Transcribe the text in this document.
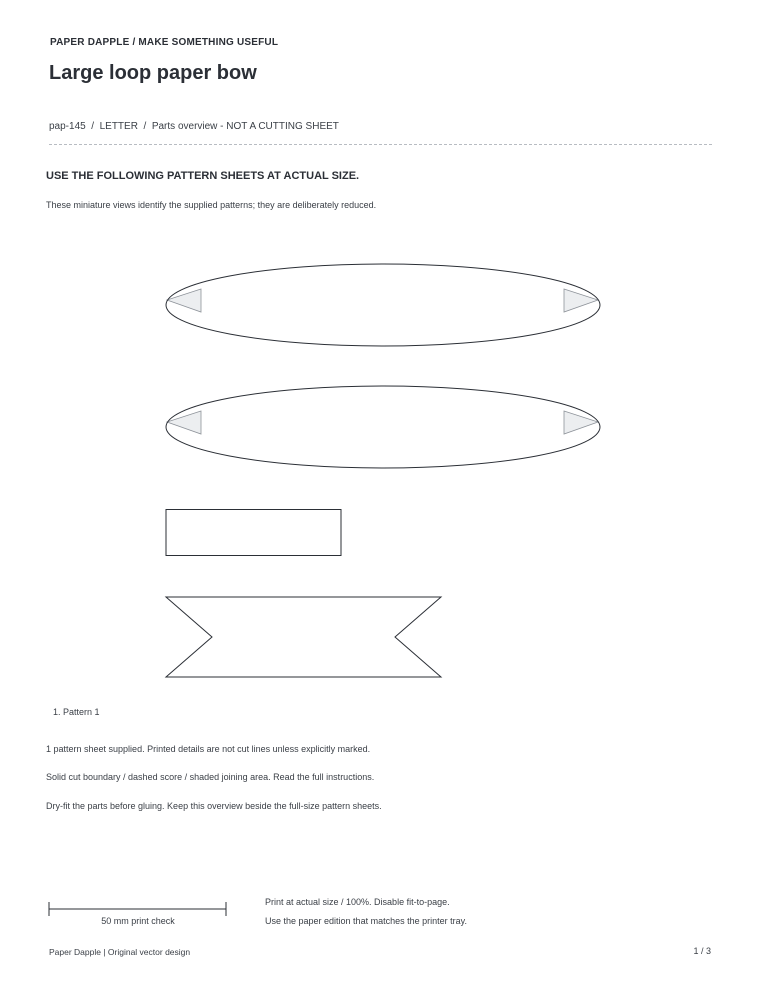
PAPER DAPPLE / MAKE SOMETHING USEFUL
Large loop paper bow
pap-145  /  LETTER  /  Parts overview - NOT A CUTTING SHEET
USE THE FOLLOWING PATTERN SHEETS AT ACTUAL SIZE.
These miniature views identify the supplied patterns; they are deliberately reduced.
1. Pattern 1
1 pattern sheet supplied. Printed details are not cut lines unless explicitly marked.
Solid cut boundary / dashed score / shaded joining area. Read the full instructions.
Dry-fit the parts before gluing. Keep this overview beside the full-size pattern sheets.
50 mm print check
Print at actual size / 100%. Disable fit-to-page.
Use the paper edition that matches the printer tray.
Paper Dapple | Original vector design	1 / 3
